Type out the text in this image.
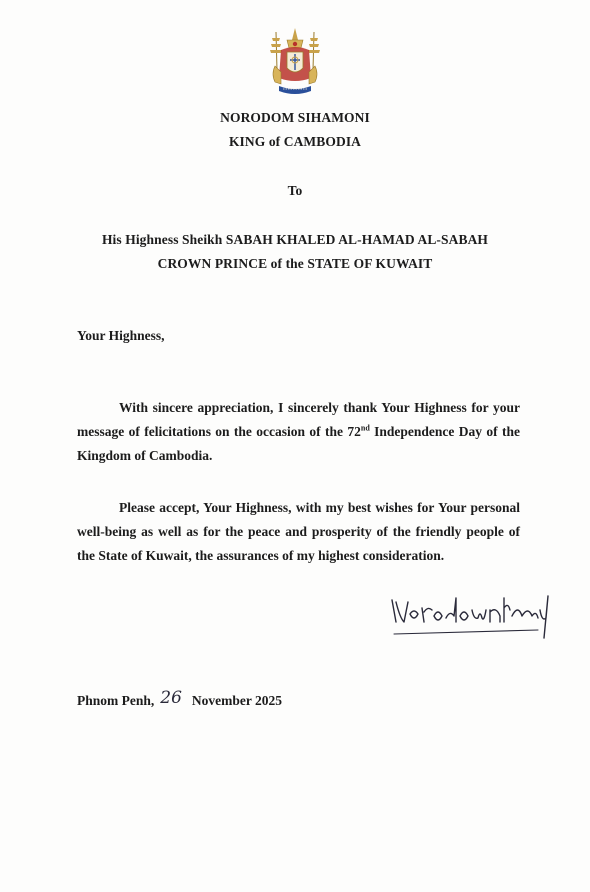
NORODOM SIHAMONI
KING of CAMBODIA
To
His Highness Sheikh SABAH KHALED AL-HAMAD AL-SABAH
CROWN PRINCE of the STATE OF KUWAIT
Your Highness,
With sincere appreciation, I sincerely thank Your Highness for your message of felicitations on the occasion of the 72nd Independence Day of the Kingdom of Cambodia.
Please accept, Your Highness, with my best wishes for Your personal well-being as well as for the peace and prosperity of the friendly people of the State of Kuwait, the assurances of my highest consideration.
Phnom Penh, 26 November 2025
